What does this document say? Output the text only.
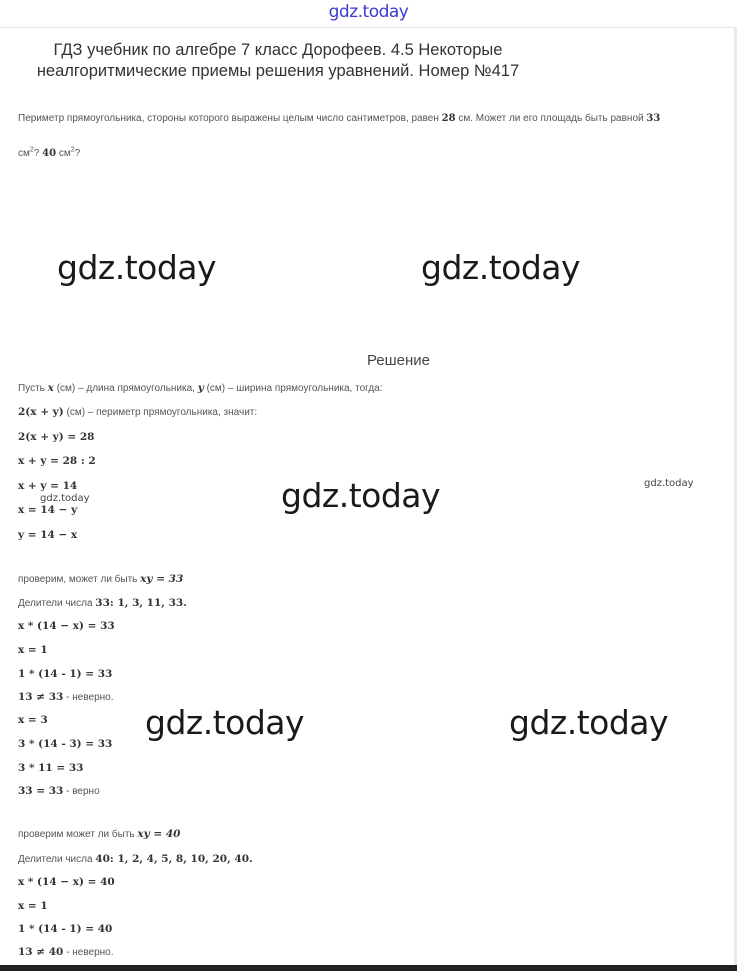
gdz.today
ГДЗ учебник по алгебре 7 класс Дорофеев. 4.5 Некоторые неалгоритмические приемы решения уравнений. Номер №417

Периметр прямоугольника, стороны которого выражены целым число сантиметров, равен 28 см. Может ли его площадь быть равной 33
$см^2$? 40 $см^2$?

gdz.today	gdz.today
Решение
Пусть x (см) – длина прямоугольника, y (см) – ширина прямоугольника, тогда:
2(x + y) (см) – периметр прямоугольника, значит:
2(x + y) = 28
x + y = 28 : 2
x + y = 14
x = 14 − y
y = 14 − x
gdz.today	gdz.today	gdz.today
проверим, может ли быть xy = 33
Делители числа 33: 1, 3, 11, 33.
x * (14 − x) = 33
x = 1
1 * (14 - 1) = 33
13 ≠ 33 - неверно.
x = 3
3 * (14 - 3) = 33
3 * 11 = 33
33 = 33 - верно
gdz.today	gdz.today
проверим может ли быть xy = 40
Делители числа 40: 1, 2, 4, 5, 8, 10, 20, 40.
x * (14 − x) = 40
x = 1
1 * (14 - 1) = 40
13 ≠ 40 - неверно.
